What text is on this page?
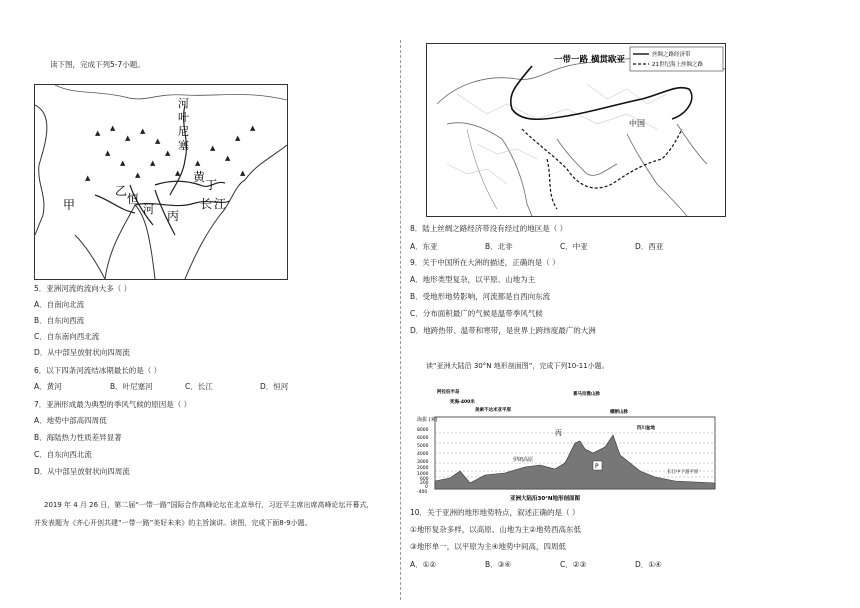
读下图，完成下列5-7小题。
▲
▲
▲
▲
▲
▲
▲	▲
▲
▲	▲
▲
▲
▲
▲
▲
▲
▲
河
叶
尼
塞
黄
丁
乙
甲	恒
河 丙
长 江
5．亚洲河流的流向大多（ ）
A．自南向北流
B．自东向西流
C．自东南向西北流
D．从中部呈放射状向四周流
6．以下四条河流结冰期最长的是（ ）
A．黄河	B．叶尼塞河	C．长江	D．恒河
7．亚洲形成最为典型的季风气候的原因是（ ）
A．地势中部高四周低
B．海陆热力性质差异显著
C．自东向西北流
D．从中部呈放射状向四周流
2019 年 4 月 26 日，第二届“一带一路”国际合作高峰论坛在北京举行，习近平主席出席高峰论坛开幕式，
并发表题为《齐心开创共建“一带一路”美好未来》的主旨演讲。读图，完成下面8-9小题。
一带一路 横贯欧亚	丝绸之路经济带
21世纪海上丝绸之路
中国
8．陆上丝绸之路经济带没有经过的地区是（ ）
A．东亚	B．北非	C．中亚	D．西亚
9．关于中国所在大洲的描述，正确的是（ ）
A．地形类型复杂，以平原、山地为主
B．受地形地势影响，河流都是自西向东流
C．分布面积最广的气候是温带季风气候
D．地跨热带、温带和寒带，是世界上跨纬度最广的大洲
读“亚洲大陆沿 30°N 地形剖面图”，完成下列10-11小题。
8000
6000
5000
4000
3000
2000
1000
600
200
0
-400
海拔 (米)
阿拉伯半岛
死海-400米
美索不达米亚平原
伊朗高原
丙
喜马拉雅山脉
横断山脉
四川盆地
长江中下游平原
P
亚洲大陆沿30°N地形剖面图
10．关于亚洲的地形地势特点，叙述正确的是（ ）
①地形复杂多样，以高原、山地为主②地势西高东低
③地形单一，以平原为主④地势中间高，四周低
A．①②	B．③④	C．②③	D．①④
